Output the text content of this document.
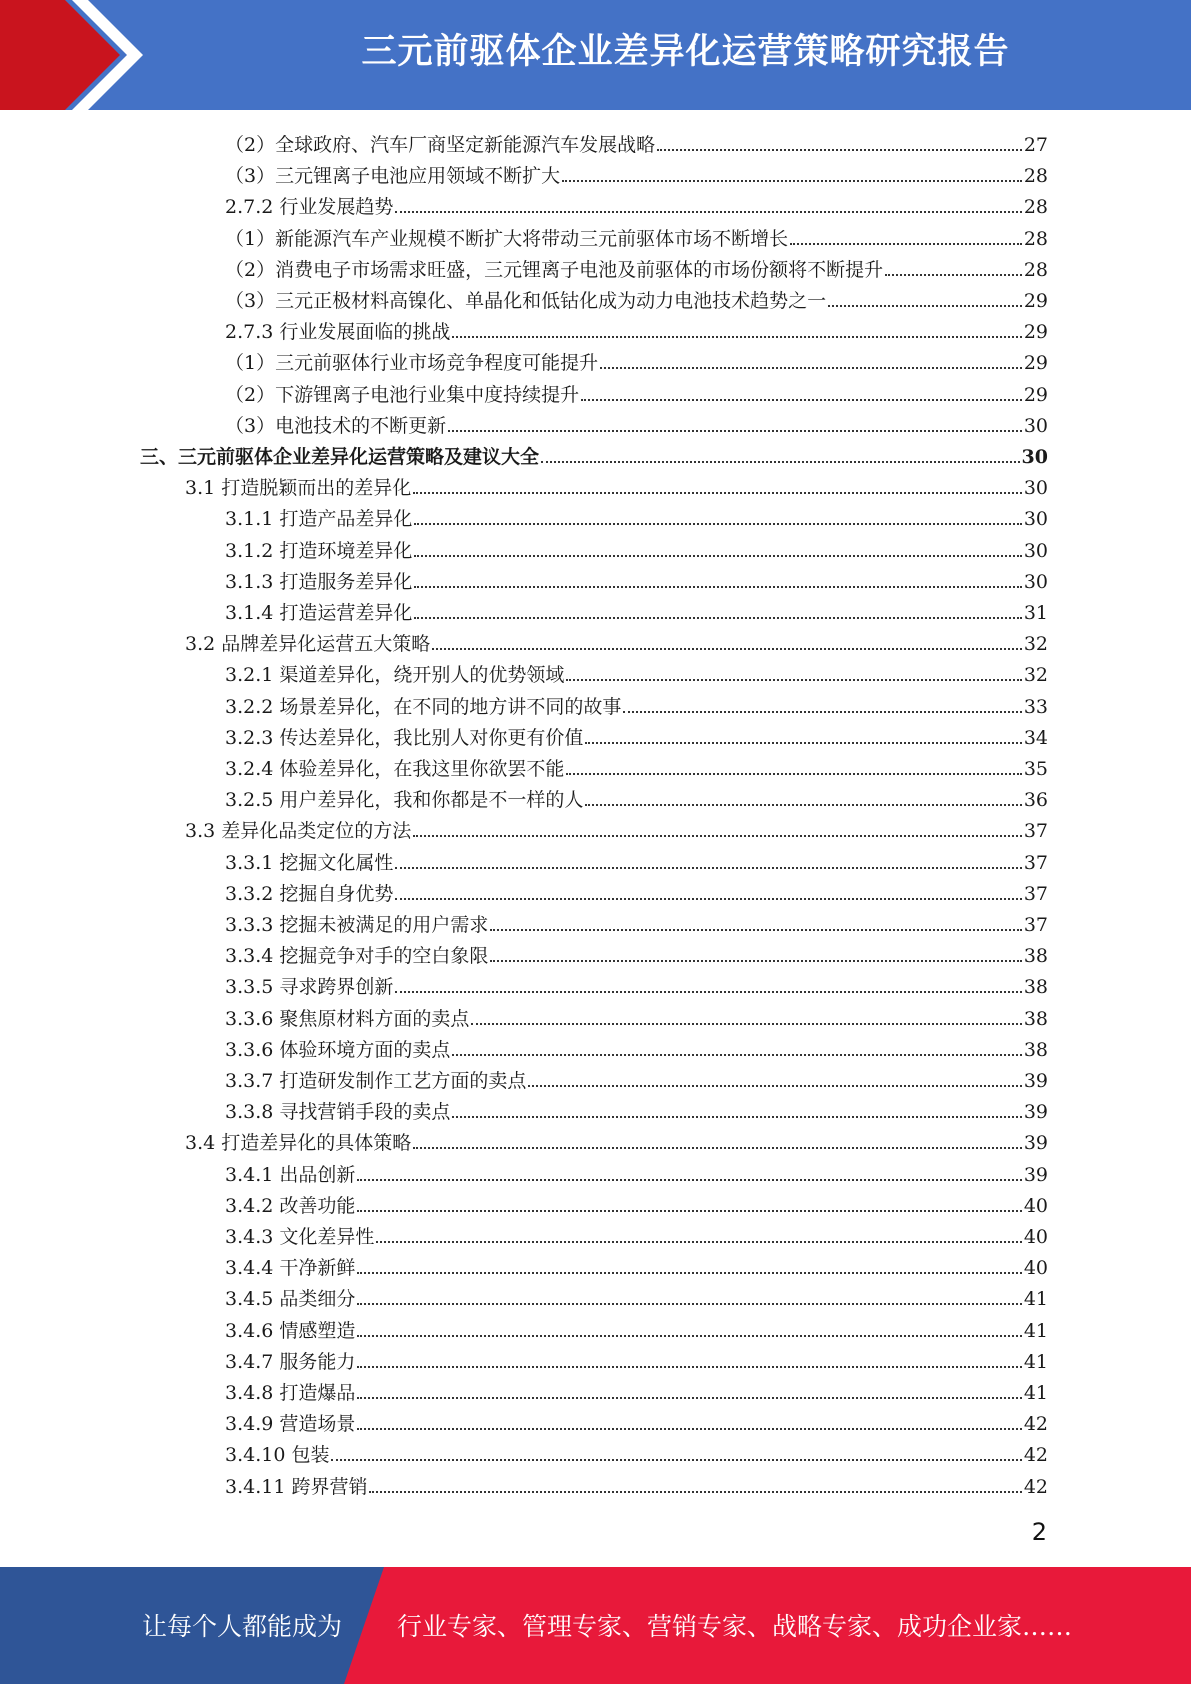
三元前驱体企业差异化运营策略研究报告
（2）全球政府、汽车厂商坚定新能源汽车发展战略	27
（3）三元锂离子电池应用领域不断扩大	28
2.7.2 行业发展趋势	28
（1）新能源汽车产业规模不断扩大将带动三元前驱体市场不断增长	28
（2）消费电子市场需求旺盛，三元锂离子电池及前驱体的市场份额将不断提升	28
（3）三元正极材料高镍化、单晶化和低钴化成为动力电池技术趋势之一	29
2.7.3 行业发展面临的挑战	29
（1）三元前驱体行业市场竞争程度可能提升	29
（2）下游锂离子电池行业集中度持续提升	29
（3）电池技术的不断更新	30
三、三元前驱体企业差异化运营策略及建议大全	30
3.1 打造脱颖而出的差异化	30
3.1.1 打造产品差异化	30
3.1.2 打造环境差异化	30
3.1.3 打造服务差异化	30
3.1.4 打造运营差异化	31
3.2 品牌差异化运营五大策略	32
3.2.1 渠道差异化，绕开别人的优势领域	32
3.2.2 场景差异化，在不同的地方讲不同的故事	33
3.2.3 传达差异化，我比别人对你更有价值	34
3.2.4 体验差异化，在我这里你欲罢不能	35
3.2.5 用户差异化，我和你都是不一样的人	36
3.3 差异化品类定位的方法	37
3.3.1 挖掘文化属性	37
3.3.2 挖掘自身优势	37
3.3.3 挖掘未被满足的用户需求	37
3.3.4 挖掘竞争对手的空白象限	38
3.3.5 寻求跨界创新	38
3.3.6 聚焦原材料方面的卖点	38
3.3.6 体验环境方面的卖点	38
3.3.7 打造研发制作工艺方面的卖点	39
3.3.8 寻找营销手段的卖点	39
3.4 打造差异化的具体策略	39
3.4.1 出品创新	39
3.4.2 改善功能	40
3.4.3 文化差异性	40
3.4.4 干净新鲜	40
3.4.5 品类细分	41
3.4.6 情感塑造	41
3.4.7 服务能力	41
3.4.8 打造爆品	41
3.4.9 营造场景	42
3.4.10 包装	42
3.4.11 跨界营销	42
2
让每个人都能成为 行业专家、管理专家、营销专家、战略专家、成功企业家……
